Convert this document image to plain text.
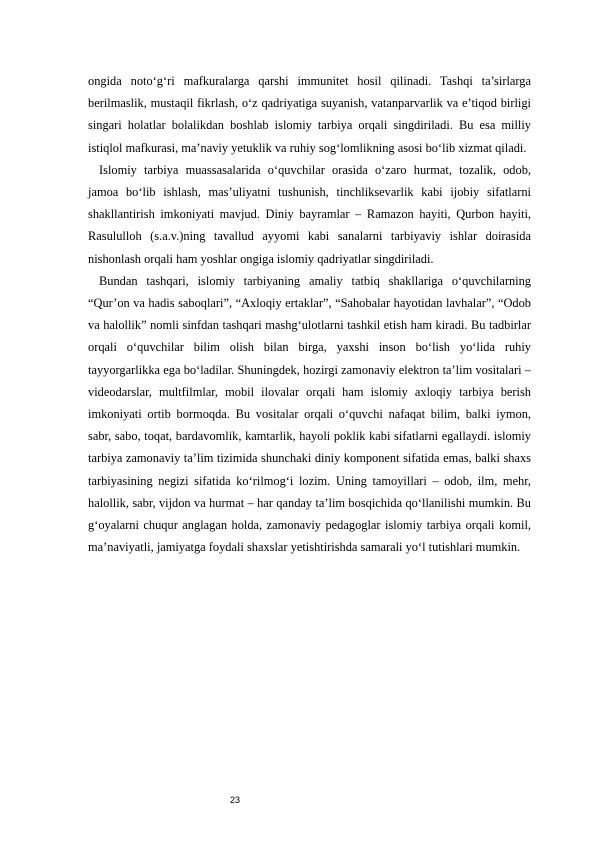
ongida noto‘g‘ri mafkuralarga qarshi immunitet hosil qilinadi. Tashqi ta’sirlarga berilmaslik, mustaqil fikrlash, o‘z qadriyatiga suyanish, vatanparvarlik va e’tiqod birligi singari holatlar bolalikdan boshlab islomiy tarbiya orqali singdiriladi. Bu esa milliy istiqlol mafkurasi, ma’naviy yetuklik va ruhiy sog‘lomlikning asosi bo‘lib xizmat qiladi.

Islomiy tarbiya muassasalarida o‘quvchilar orasida o‘zaro hurmat, tozalik, odob, jamoa bo‘lib ishlash, mas’uliyatni tushunish, tinchliksevarlik kabi ijobiy sifatlarni shakllantirish imkoniyati mavjud. Diniy bayramlar – Ramazon hayiti, Qurbon hayiti, Rasululloh (s.a.v.)ning tavallud ayyomi kabi sanalarni tarbiyaviy ishlar doirasida nishonlash orqali ham yoshlar ongiga islomiy qadriyatlar singdiriladi.

Bundan tashqari, islomiy tarbiyaning amaliy tatbiq shakllariga o‘quvchilarning “Qur’on va hadis saboqlari”, “Axloqiy ertaklar”, “Sahobalar hayotidan lavhalar”, “Odob va halollik” nomli sinfdan tashqari mashg‘ulotlarni tashkil etish ham kiradi. Bu tadbirlar orqali o‘quvchilar bilim olish bilan birga, yaxshi inson bo‘lish yo‘lida ruhiy tayyorgarlikka ega bo‘ladilar. Shuningdek, hozirgi zamonaviy elektron ta’lim vositalari – videodarslar, multfilmlar, mobil ilovalar orqali ham islomiy axloqiy tarbiya berish imkoniyati ortib bormoqda. Bu vositalar orqali o‘quvchi nafaqat bilim, balki iymon, sabr, sabo, toqat, bardavomlik, kamtarlik, hayoli poklik kabi sifatlarni egallaydi. islomiy tarbiya zamonaviy ta’lim tizimida shunchaki diniy komponent sifatida emas, balki shaxs tarbiyasining negizi sifatida ko‘rilmog‘i lozim. Uning tamoyillari – odob, ilm, mehr, halollik, sabr, vijdon va hurmat – har qanday ta’lim bosqichida qo‘llanilishi mumkin. Bu g‘oyalarni chuqur anglagan holda, zamonaviy pedagoglar islomiy tarbiya orqali komil, ma’naviyatli, jamiyatga foydali shaxslar yetishtirishda samarali yo‘l tutishlari mumkin.

23
